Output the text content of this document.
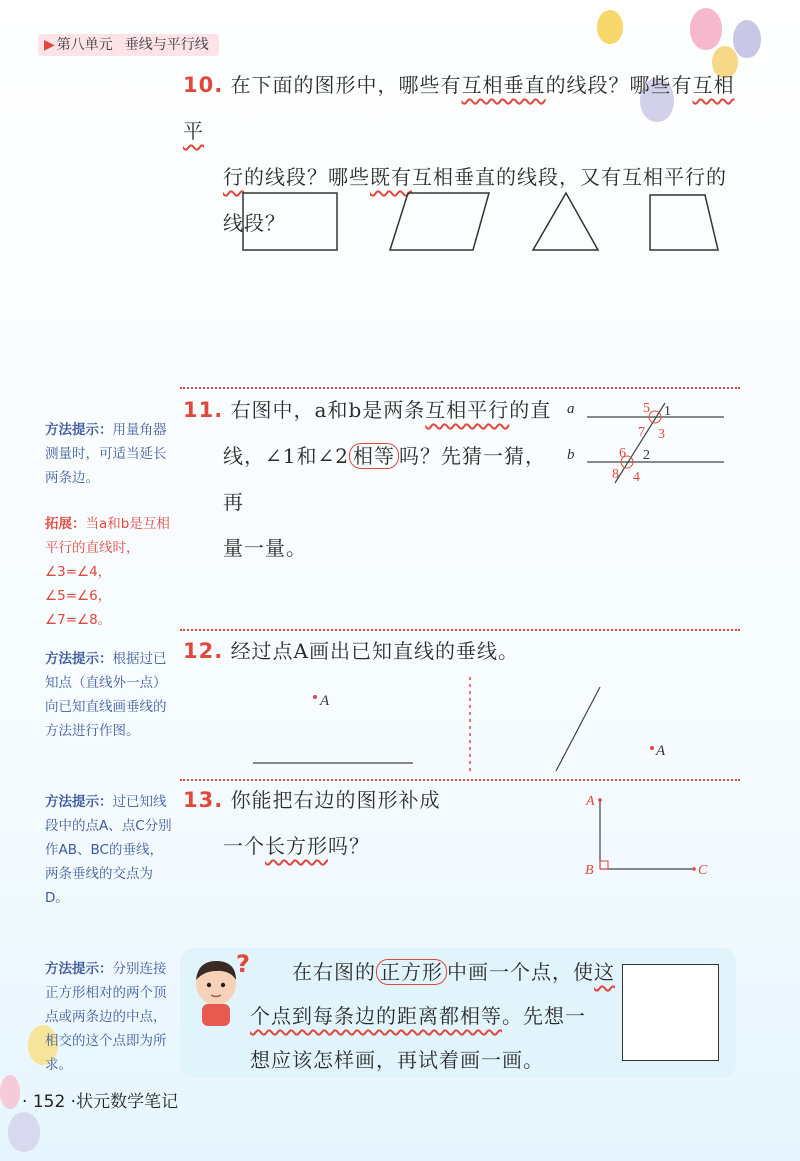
▶ 第八单元 垂线与平行线
10. 在下面的图形中，哪些有互相垂直的线段？哪些有互相平
行的线段？哪些既有互相垂直的线段，又有互相平行的
线段？
11. 右图中，a和b是两条互相平行的直
线，∠1和∠2 相等 吗？先猜一猜，再
量一量。
a
b
5 1
7 3
6 2
8 4
12. 经过点A画出已知直线的垂线。
A
A
13. 你能把右边的图形补成
一个长方形吗？
A
B	C
方法提示：用量角器测量时，可适当延长两条边。
拓展：当a和b是互相平行的直线时，∠3=∠4，∠5=∠6，∠7=∠8。
方法提示：根据过已知点（直线外一点）向已知直线画垂线的方法进行作图。
方法提示：过已知线段中的点A、点C分别作AB、BC的垂线，两条垂线的交点为D。
方法提示：分别连接正方形相对的两个顶点或两条边的中点，相交的这个点即为所求。
?	在右图的 正方形 中画一个点，使这
个点到每条边的距离都相等。先想一
想应该怎样画，再试着画一画。
· 152 ·状元数学笔记
